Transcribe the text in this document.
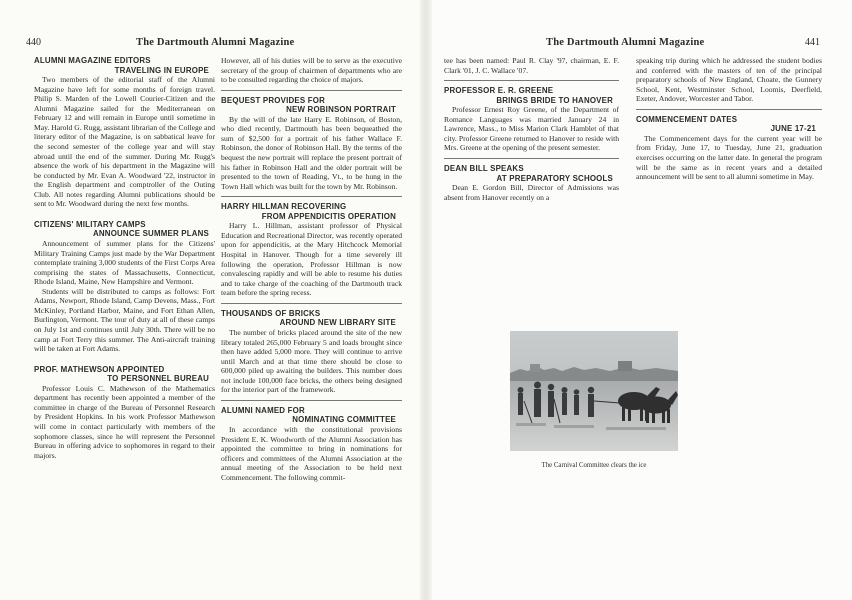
440	The Dartmouth Alumni Magazine	The Dartmouth Alumni Magazine	441
ALUMNI MAGAZINE EDITORS
TRAVELING IN EUROPE

Two members of the editorial staff of the Alumni Magazine have left for some months of foreign travel. Philip S. Marden of the Lowell Courier-Citizen and the Alumni Magazine sailed for the Mediterranean on February 12 and will remain in Europe until sometime in May. Harold G. Rugg, assistant librarian of the College and literary editor of the Magazine, is on sabbatical leave for the second semester of the college year and will stay abroad until the end of the summer. During Mr. Rugg's absence the work of his department in the Magazine will be conducted by Mr. Evan A. Woodward '22, instructor in the English department and comptroller of the Outing Club. All notes regarding Alumni publications should be sent to Mr. Woodward during the next few months.

CITIZENS' MILITARY CAMPS
ANNOUNCE SUMMER PLANS

Announcement of summer plans for the Citizens' Military Training Camps just made by the War Department contemplate training 3,000 students of the First Corps Area comprising the states of Massachusetts, Connecticut, Rhode Island, Maine, New Hampshire and Vermont.

Students will be distributed to camps as follows: Fort Adams, Newport, Rhode Island, Camp Devens, Mass., Fort McKinley, Portland Harbor, Maine, and Fort Ethan Allen, Burlington, Vermont. The tour of duty at all of these camps on July 1st and continues until July 30th. There will be no camp at Fort Terry this summer. The Anti-aircraft training will be taken at Fort Adams.

PROF. MATHEWSON APPOINTED
TO PERSONNEL BUREAU

Professor Louis C. Mathewson of the Mathematics department has recently been appointed a member of the committee in charge of the Bureau of Personnel Research by President Hopkins. In his work Professor Mathewson will come in contact particularly with members of the sophomore classes, since he will represent the Personnel Bureau in offering advice to sophomores in regard to their majors.

However, all of his duties will be to serve as the executive secretary of the group of chairmen of departments who are to be consulted regarding the choice of majors.

BEQUEST PROVIDES FOR
NEW ROBINSON PORTRAIT

By the will of the late Harry E. Robinson, of Boston, who died recently, Dartmouth has been bequeathed the sum of $2,500 for a portrait of his father Wallace F. Robinson, the donor of Robinson Hall. By the terms of the bequest the new portrait will replace the present portrait of his father in Robinson Hall and the older portrait will be presented to the town of Reading, Vt., to be hung in the Town Hall which was built for the town by Mr. Robinson.

HARRY HILLMAN RECOVERING
FROM APPENDICITIS OPERATION

Harry L. Hillman, assistant professor of Physical Education and Recreational Director, was recently operated upon for appendicitis, at the Mary Hitchcock Memorial Hospital in Hanover. Though for a time severely ill following the operation, Professor Hillman is now convalescing rapidly and will be able to resume his duties and to take charge of the coaching of the Dartmouth track team before the spring recess.

THOUSANDS OF BRICKS
AROUND NEW LIBRARY SITE

The number of bricks placed around the site of the new library totaled 265,000 February 5 and loads brought since then have added 5,000 more. They will continue to arrive until March and at that time there should be close to 600,000 piled up awaiting the builders. This number does not include 100,000 face bricks, the others being designed for the interior part of the framework.

ALUMNI NAMED FOR
NOMINATING COMMITTEE

In accordance with the constitutional provisions President E. K. Woodworth of the Alumni Association has appointed the committee to bring in nominations for officers and committees of the Alumni Association at the annual meeting of the Association to be held next Commencement. The following commit-

tee has been named: Paul R. Clay '97, chairman, E. F. Clark '01, J. C. Wallace '07.

PROFESSOR E. R. GREENE
BRINGS BRIDE TO HANOVER

Professor Ernest Roy Greene, of the Department of Romance Languages was married January 24 in Lawrence, Mass., to Miss Marion Clark Hamblet of that city. Professor Greene returned to Hanover to reside with Mrs. Greene at the opening of the present semester.

DEAN BILL SPEAKS
AT PREPARATORY SCHOOLS

Dean E. Gordon Bill, Director of Admissions was absent from Hanover recently on a

speaking trip during which he addressed the student bodies and conferred with the masters of ten of the principal preparatory schools of New England, Choate, the Gunnery School, Kent, Westminster School, Loomis, Deerfield, Exeter, Andover, Worcester and Tabor.

COMMENCEMENT DATES
JUNE 17-21

The Commencement days for the current year will be from Friday, June 17, to Tuesday, June 21, graduation exercises occurring on the latter date. In general the program will be the same as in recent years and a detailed announcement will be sent to all alumni sometime in May.

The Carnival Committee clears the ice
